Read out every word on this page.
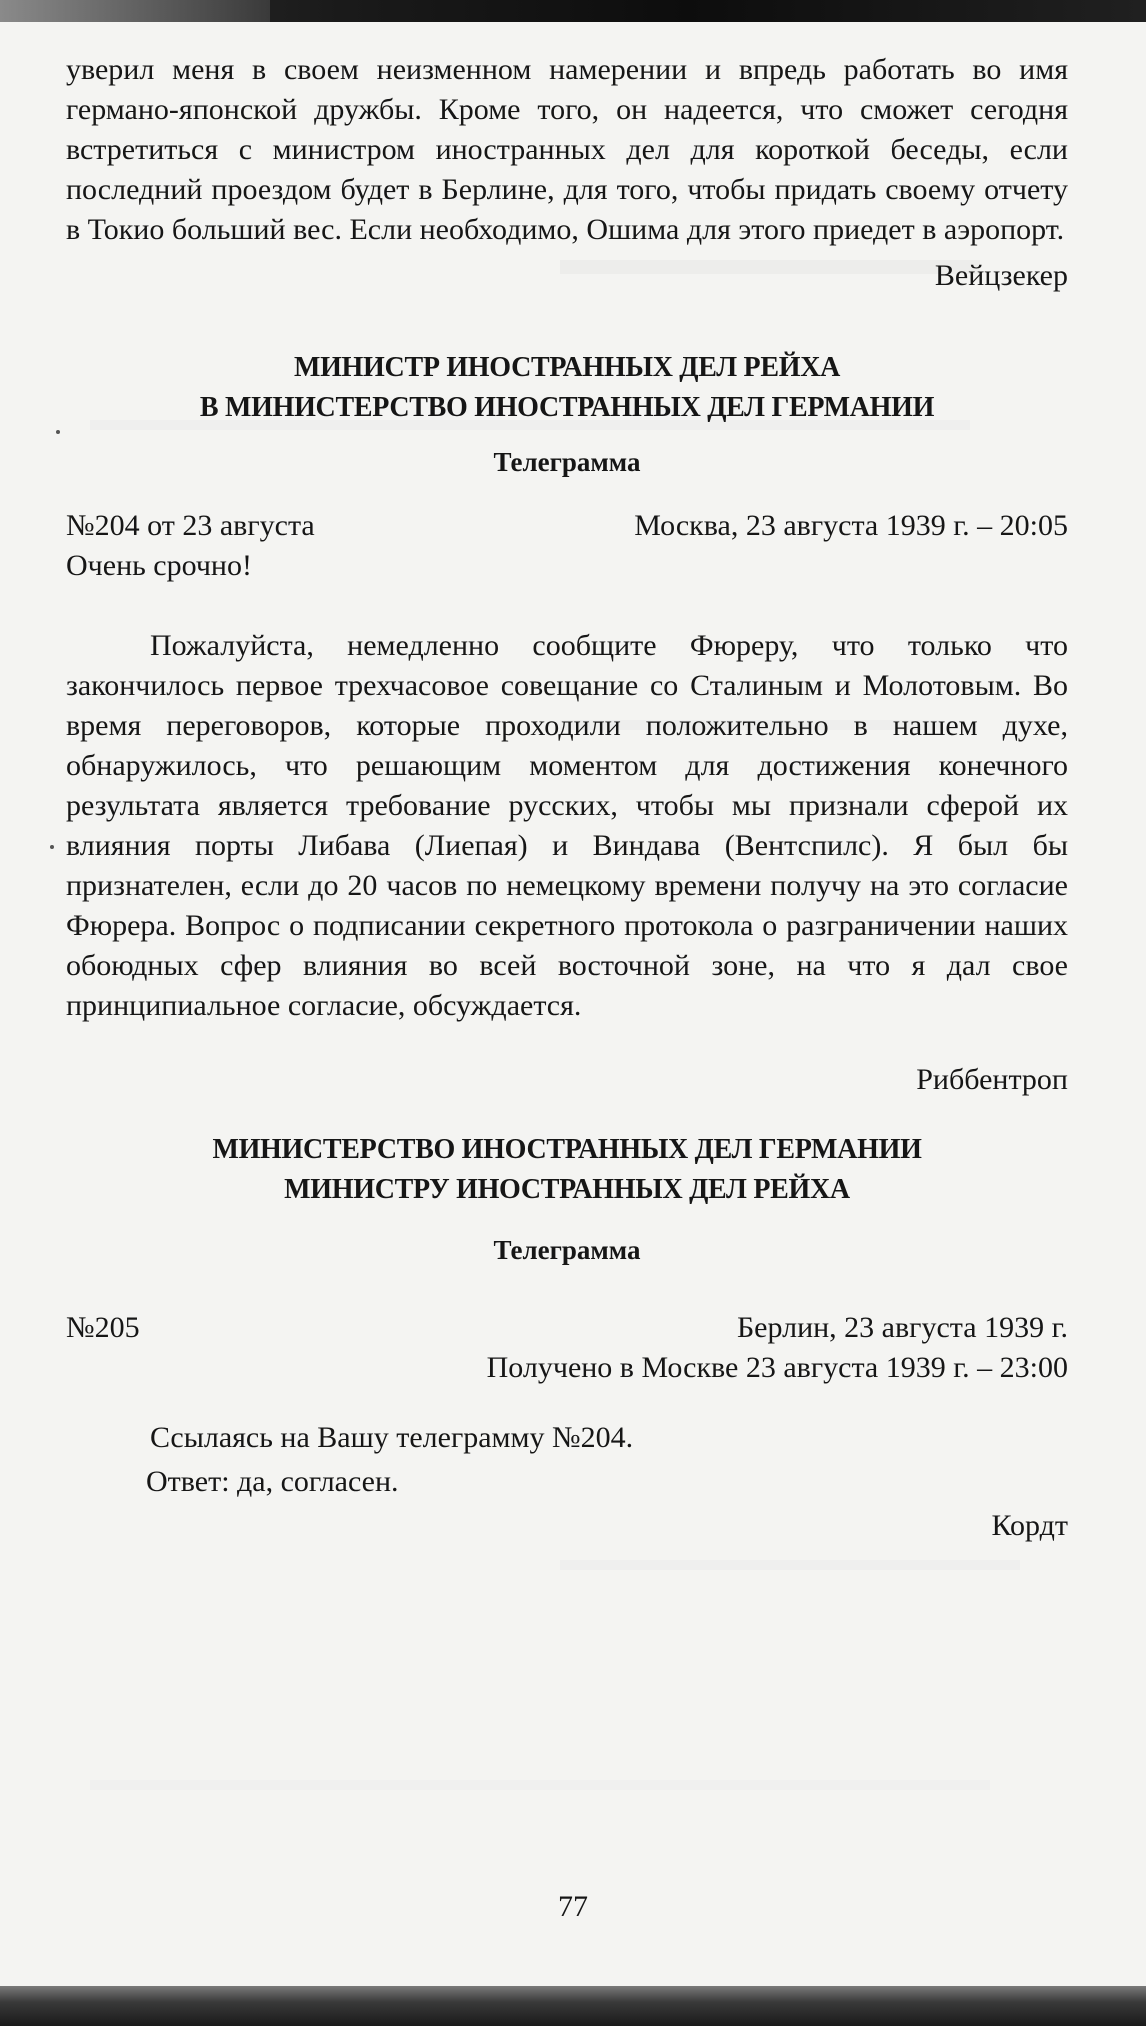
уверил меня в своем неизменном намерении и впредь работать во имя германо-японской дружбы. Кроме того, он надеется, что сможет сегодня встретиться с министром иностранных дел для короткой беседы, если последний проездом будет в Берлине, для того, чтобы придать своему отчету в Токио больший вес. Если необходимо, Ошима для этого приедет в аэропорт.

Вейцзекер
МИНИСТР ИНОСТРАННЫХ ДЕЛ РЕЙХА
В МИНИСТЕРСТВО ИНОСТРАННЫХ ДЕЛ ГЕРМАНИИ
Телеграмма
№204 от 23 августа	Москва, 23 августа 1939 г. – 20:05
Очень срочно!

Пожалуйста, немедленно сообщите Фюреру, что только что закончилось первое трехчасовое совещание со Сталиным и Молотовым. Во время переговоров, которые проходили положительно в нашем духе, обнаружилось, что решающим моментом для достижения конечного результата является требование русских, чтобы мы признали сферой их влияния порты Либава (Лиепая) и Виндава (Вентспилс). Я был бы признателен, если до 20 часов по немецкому времени получу на это согласие Фюрера. Вопрос о подписании секретного протокола о разграничении наших обоюдных сфер влияния во всей восточной зоне, на что я дал свое принципиальное согласие, обсуждается.

Риббентроп
МИНИСТЕРСТВО ИНОСТРАННЫХ ДЕЛ ГЕРМАНИИ
МИНИСТРУ ИНОСТРАННЫХ ДЕЛ РЕЙХА
Телеграмма
№205	Берлин, 23 августа 1939 г.
Получено в Москве 23 августа 1939 г. – 23:00
Ссылаясь на Вашу телеграмму №204.
Ответ: да, согласен.
Кордт
77
